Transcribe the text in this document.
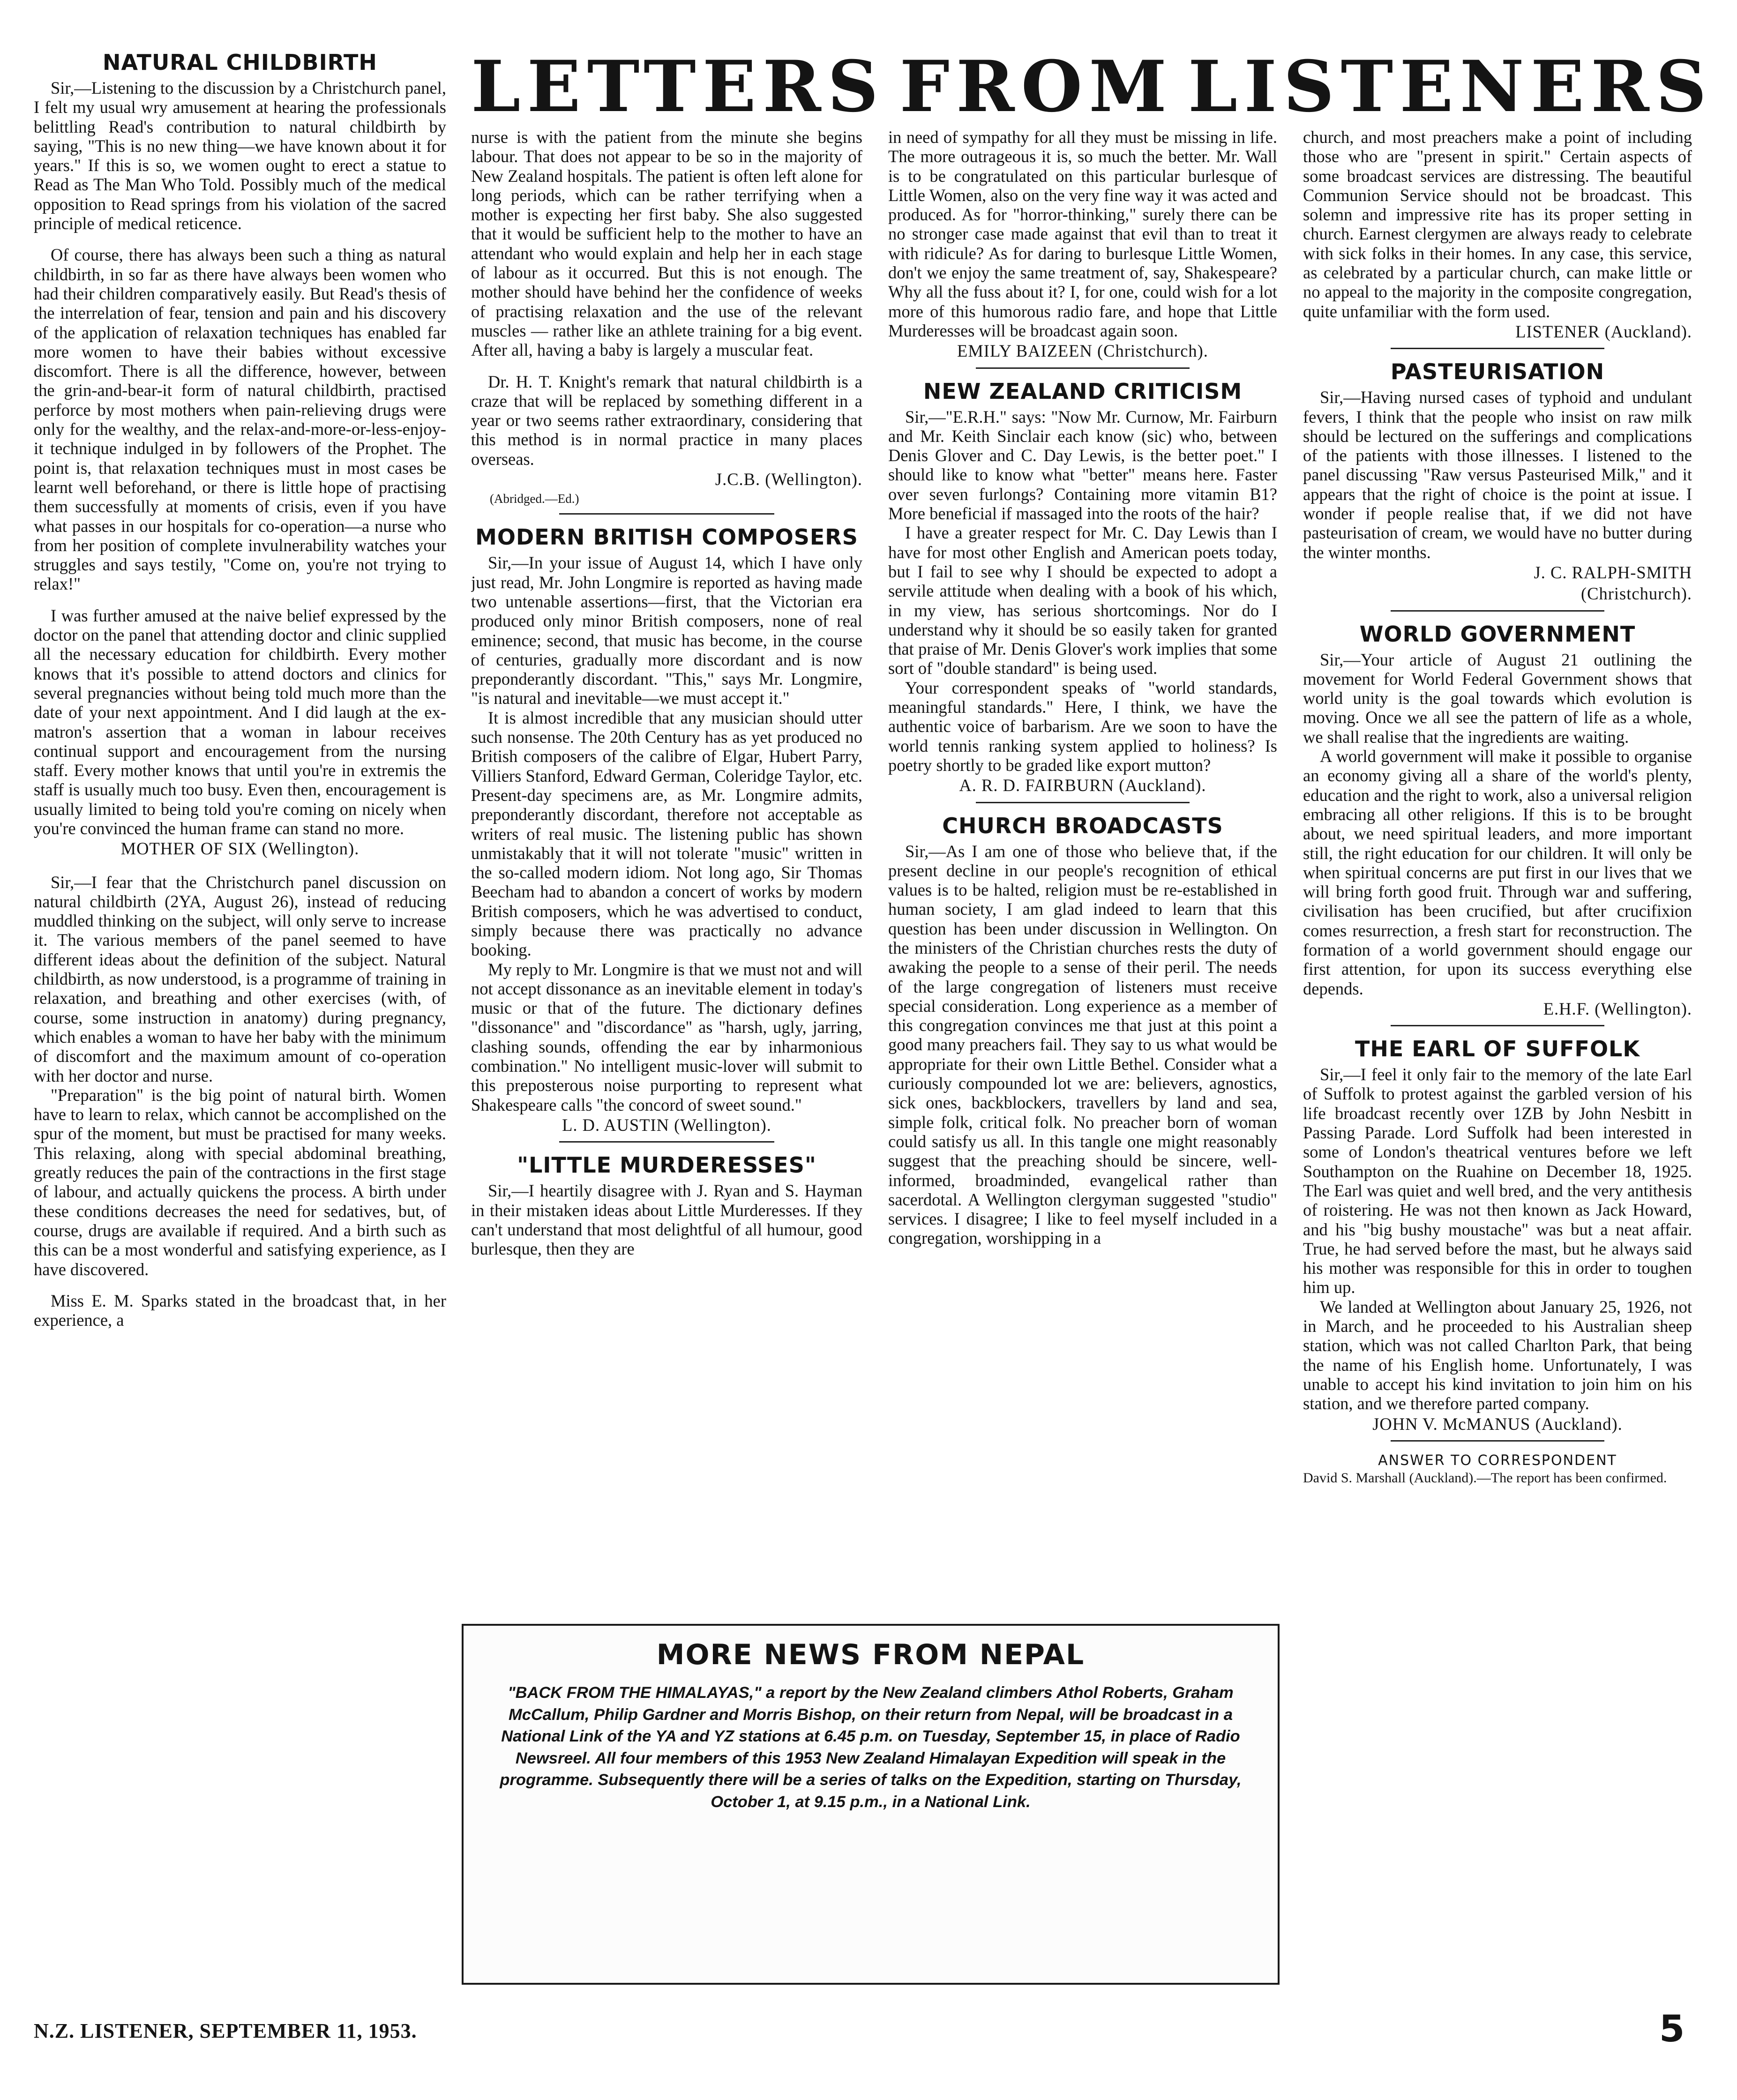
LETTERS FROM LISTENERS
NATURAL CHILDBIRTH

Sir,—Listening to the discussion by a Christchurch panel, I felt my usual wry amusement at hearing the professionals belittling Read's contribution to natural childbirth by saying, "This is no new thing—we have known about it for years." If this is so, we women ought to erect a statue to Read as The Man Who Told. Possibly much of the medical opposition to Read springs from his violation of the sacred principle of medical reticence.

Of course, there has always been such a thing as natural childbirth, in so far as there have always been women who had their children comparatively easily. But Read's thesis of the interrelation of fear, tension and pain and his discovery of the application of relaxation techniques has enabled far more women to have their babies without excessive discomfort. There is all the difference, however, between the grin-and-bear-it form of natural childbirth, practised perforce by most mothers when pain-relieving drugs were only for the wealthy, and the relax-and-more-or-less-enjoy-it technique indulged in by followers of the Prophet. The point is, that relaxation techniques must in most cases be learnt well beforehand, or there is little hope of practising them successfully at moments of crisis, even if you have what passes in our hospitals for co-operation—a nurse who from her position of complete invulnerability watches your struggles and says testily, "Come on, you're not trying to relax!"

I was further amused at the naive belief expressed by the doctor on the panel that attending doctor and clinic supplied all the necessary education for childbirth. Every mother knows that it's possible to attend doctors and clinics for several pregnancies without being told much more than the date of your next appointment. And I did laugh at the ex-matron's assertion that a woman in labour receives continual support and encouragement from the nursing staff. Every mother knows that until you're in extremis the staff is usually much too busy. Even then, encouragement is usually limited to being told you're coming on nicely when you're convinced the human frame can stand no more.

MOTHER OF SIX (Wellington).

Sir,—I fear that the Christchurch panel discussion on natural childbirth (2YA, August 26), instead of reducing muddled thinking on the subject, will only serve to increase it. The various members of the panel seemed to have different ideas about the definition of the subject. Natural childbirth, as now understood, is a programme of training in relaxation, and breathing and other exercises (with, of course, some instruction in anatomy) during pregnancy, which enables a woman to have her baby with the minimum of discomfort and the maximum amount of co-operation with her doctor and nurse.

"Preparation" is the big point of natural birth. Women have to learn to relax, which cannot be accomplished on the spur of the moment, but must be practised for many weeks. This relaxing, along with special abdominal breathing, greatly reduces the pain of the contractions in the first stage of labour, and actually quickens the process. A birth under these conditions decreases the need for sedatives, but, of course, drugs are available if required. And a birth such as this can be a most wonderful and satisfying experience, as I have discovered.

Miss E. M. Sparks stated in the broadcast that, in her experience, a

nurse is with the patient from the minute she begins labour. That does not appear to be so in the majority of New Zealand hospitals. The patient is often left alone for long periods, which can be rather terrifying when a mother is expecting her first baby. She also suggested that it would be sufficient help to the mother to have an attendant who would explain and help her in each stage of labour as it occurred. But this is not enough. The mother should have behind her the confidence of weeks of practising relaxation and the use of the relevant muscles — rather like an athlete training for a big event. After all, having a baby is largely a muscular feat.

Dr. H. T. Knight's remark that natural childbirth is a craze that will be replaced by something different in a year or two seems rather extraordinary, considering that this method is in normal practice in many places overseas.

J.C.B. (Wellington).
(Abridged.—Ed.)
MODERN BRITISH COMPOSERS

Sir,—In your issue of August 14, which I have only just read, Mr. John Longmire is reported as having made two untenable assertions—first, that the Victorian era produced only minor British composers, none of real eminence; second, that music has become, in the course of centuries, gradually more discordant and is now preponderantly discordant. "This," says Mr. Longmire, "is natural and inevitable—we must accept it."

It is almost incredible that any musician should utter such nonsense. The 20th Century has as yet produced no British composers of the calibre of Elgar, Hubert Parry, Villiers Stanford, Edward German, Coleridge Taylor, etc. Present-day specimens are, as Mr. Longmire admits, preponderantly discordant, therefore not acceptable as writers of real music. The listening public has shown unmistakably that it will not tolerate "music" written in the so-called modern idiom. Not long ago, Sir Thomas Beecham had to abandon a concert of works by modern British composers, which he was advertised to conduct, simply because there was practically no advance booking.

My reply to Mr. Longmire is that we must not and will not accept dissonance as an inevitable element in today's music or that of the future. The dictionary defines "dissonance" and "discordance" as "harsh, ugly, jarring, clashing sounds, offending the ear by inharmonious combination." No intelligent music-lover will submit to this preposterous noise purporting to represent what Shakespeare calls "the concord of sweet sound."

L. D. AUSTIN (Wellington).
"LITTLE MURDERESSES"

Sir,—I heartily disagree with J. Ryan and S. Hayman in their mistaken ideas about Little Murderesses. If they can't understand that most delightful of all humour, good burlesque, then they are

in need of sympathy for all they must be missing in life. The more outrageous it is, so much the better. Mr. Wall is to be congratulated on this particular burlesque of Little Women, also on the very fine way it was acted and produced. As for "horror-thinking," surely there can be no stronger case made against that evil than to treat it with ridicule? As for daring to burlesque Little Women, don't we enjoy the same treatment of, say, Shakespeare? Why all the fuss about it? I, for one, could wish for a lot more of this humorous radio fare, and hope that Little Murderesses will be broadcast again soon.

EMILY BAIZEEN (Christchurch).
NEW ZEALAND CRITICISM

Sir,—"E.R.H." says: "Now Mr. Curnow, Mr. Fairburn and Mr. Keith Sinclair each know (sic) who, between Denis Glover and C. Day Lewis, is the better poet." I should like to know what "better" means here. Faster over seven furlongs? Containing more vitamin B1? More beneficial if massaged into the roots of the hair?

I have a greater respect for Mr. C. Day Lewis than I have for most other English and American poets today, but I fail to see why I should be expected to adopt a servile attitude when dealing with a book of his which, in my view, has serious shortcomings. Nor do I understand why it should be so easily taken for granted that praise of Mr. Denis Glover's work implies that some sort of "double standard" is being used.

Your correspondent speaks of "world standards, meaningful standards." Here, I think, we have the authentic voice of barbarism. Are we soon to have the world tennis ranking system applied to holiness? Is poetry shortly to be graded like export mutton?

A. R. D. FAIRBURN (Auckland).
CHURCH BROADCASTS

Sir,—As I am one of those who believe that, if the present decline in our people's recognition of ethical values is to be halted, religion must be re-established in human society, I am glad indeed to learn that this question has been under discussion in Wellington. On the ministers of the Christian churches rests the duty of awaking the people to a sense of their peril. The needs of the large congregation of listeners must receive special consideration. Long experience as a member of this congregation convinces me that just at this point a good many preachers fail. They say to us what would be appropriate for their own Little Bethel. Consider what a curiously compounded lot we are: believers, agnostics, sick ones, backblockers, travellers by land and sea, simple folk, critical folk. No preacher born of woman could satisfy us all. In this tangle one might reasonably suggest that the preaching should be sincere, well-informed, broadminded, evangelical rather than sacerdotal. A Wellington clergyman suggested "studio" services. I disagree; I like to feel myself included in a congregation, worshipping in a

church, and most preachers make a point of including those who are "present in spirit." Certain aspects of some broadcast services are distressing. The beautiful Communion Service should not be broadcast. This solemn and impressive rite has its proper setting in church. Earnest clergymen are always ready to celebrate with sick folks in their homes. In any case, this service, as celebrated by a particular church, can make little or no appeal to the majority in the composite congregation, quite unfamiliar with the form used.

LISTENER (Auckland).
PASTEURISATION

Sir,—Having nursed cases of typhoid and undulant fevers, I think that the people who insist on raw milk should be lectured on the sufferings and complications of the patients with those illnesses. I listened to the panel discussing "Raw versus Pasteurised Milk," and it appears that the right of choice is the point at issue. I wonder if people realise that, if we did not have pasteurisation of cream, we would have no butter during the winter months.

J. C. RALPH-SMITH
(Christchurch).
WORLD GOVERNMENT

Sir,—Your article of August 21 outlining the movement for World Federal Government shows that world unity is the goal towards which evolution is moving. Once we all see the pattern of life as a whole, we shall realise that the ingredients are waiting.

A world government will make it possible to organise an economy giving all a share of the world's plenty, education and the right to work, also a universal religion embracing all other religions. If this is to be brought about, we need spiritual leaders, and more important still, the right education for our children. It will only be when spiritual concerns are put first in our lives that we will bring forth good fruit. Through war and suffering, civilisation has been crucified, but after crucifixion comes resurrection, a fresh start for reconstruction. The formation of a world government should engage our first attention, for upon its success everything else depends.

E.H.F. (Wellington).
THE EARL OF SUFFOLK

Sir,—I feel it only fair to the memory of the late Earl of Suffolk to protest against the garbled version of his life broadcast recently over 1ZB by John Nesbitt in Passing Parade. Lord Suffolk had been interested in some of London's theatrical ventures before we left Southampton on the Ruahine on December 18, 1925. The Earl was quiet and well bred, and the very antithesis of roistering. He was not then known as Jack Howard, and his "big bushy moustache" was but a neat affair. True, he had served before the mast, but he always said his mother was responsible for this in order to toughen him up.

We landed at Wellington about January 25, 1926, not in March, and he proceeded to his Australian sheep station, which was not called Charlton Park, that being the name of his English home. Unfortunately, I was unable to accept his kind invitation to join him on his station, and we therefore parted company.

JOHN V. McMANUS (Auckland).
ANSWER TO CORRESPONDENT

David S. Marshall (Auckland).—The report has been confirmed.

MORE NEWS FROM NEPAL
"BACK FROM THE HIMALAYAS," a report by the New Zealand climbers Athol Roberts, Graham McCallum, Philip Gardner and Morris Bishop, on their return from Nepal, will be broadcast in a National Link of the YA and YZ stations at 6.45 p.m. on Tuesday, September 15, in place of Radio Newsreel. All four members of this 1953 New Zealand Himalayan Expedition will speak in the programme. Subsequently there will be a series of talks on the Expedition, starting on Thursday, October 1, at 9.15 p.m., in a National Link.
N.Z. LISTENER, SEPTEMBER 11, 1953.	5
